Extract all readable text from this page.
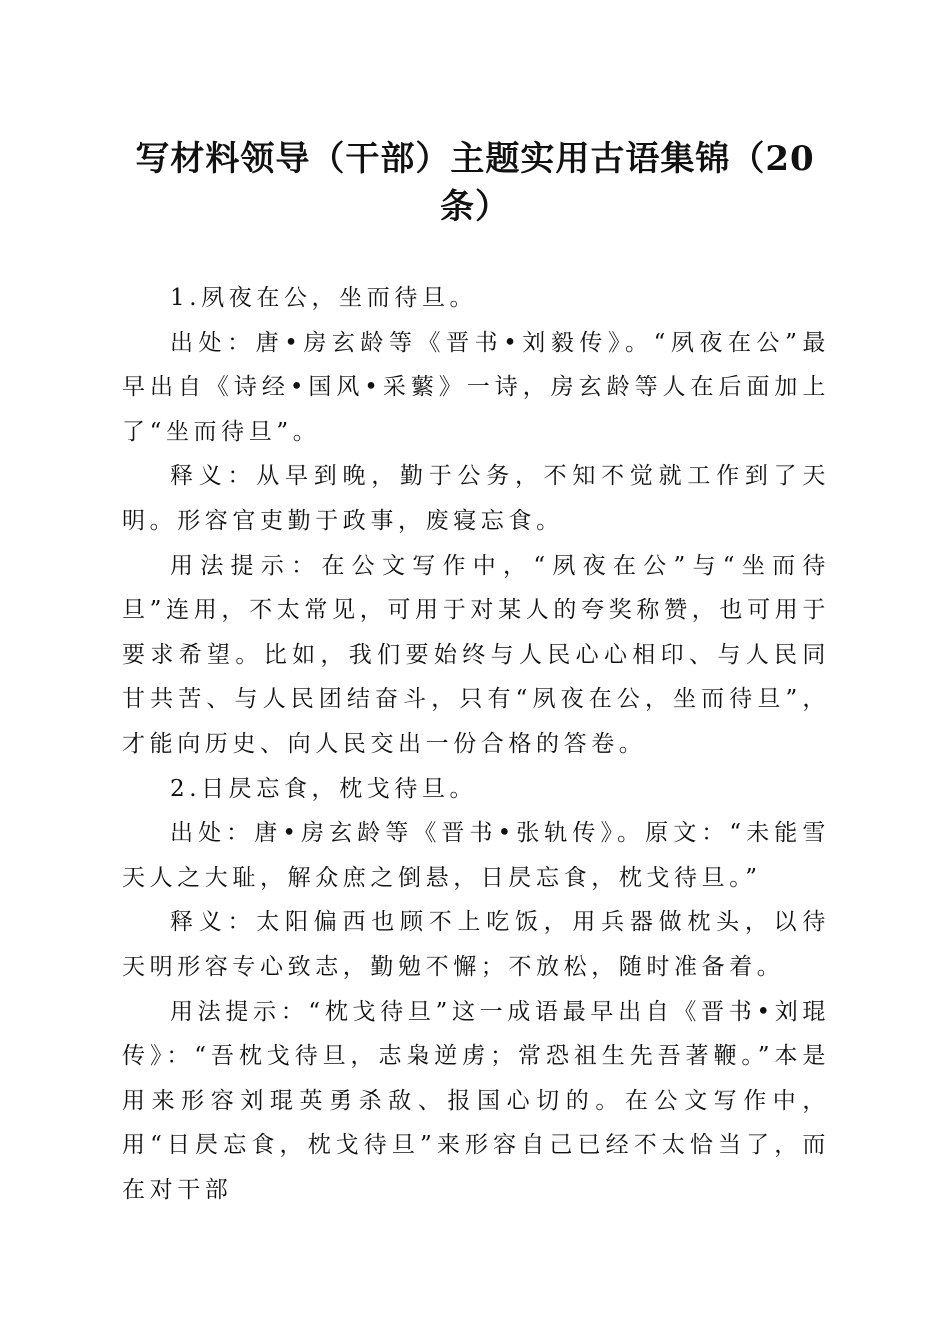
写材料领导（干部）主题实用古语集锦（20条）

1.夙夜在公，坐而待旦。

出处：唐•房玄龄等《晋书•刘毅传》。“夙夜在公”最早出自《诗经•国风•采蘩》一诗，房玄龄等人在后面加上了“坐而待旦”。

释义：从早到晚，勤于公务，不知不觉就工作到了天明。形容官吏勤于政事，废寝忘食。

用法提示：在公文写作中，“夙夜在公”与“坐而待旦”连用，不太常见，可用于对某人的夸奖称赞，也可用于要求希望。比如，我们要始终与人民心心相印、与人民同甘共苦、与人民团结奋斗，只有“夙夜在公，坐而待旦”，才能向历史、向人民交出一份合格的答卷。

2.日昃忘食，枕戈待旦。

出处：唐•房玄龄等《晋书•张轨传》。原文：“未能雪天人之大耻，解众庶之倒悬，日昃忘食，枕戈待旦。”

释义：太阳偏西也顾不上吃饭，用兵器做枕头，以待天明形容专心致志，勤勉不懈；不放松，随时准备着。

用法提示：“枕戈待旦”这一成语最早出自《晋书•刘琨传》：“吾枕戈待旦，志枭逆虏；常恐祖生先吾著鞭。”本是用来形容刘琨英勇杀敌、报国心切的。在公文写作中，用“日昃忘食，枕戈待旦”来形容自己已经不太恰当了，而在对干部
